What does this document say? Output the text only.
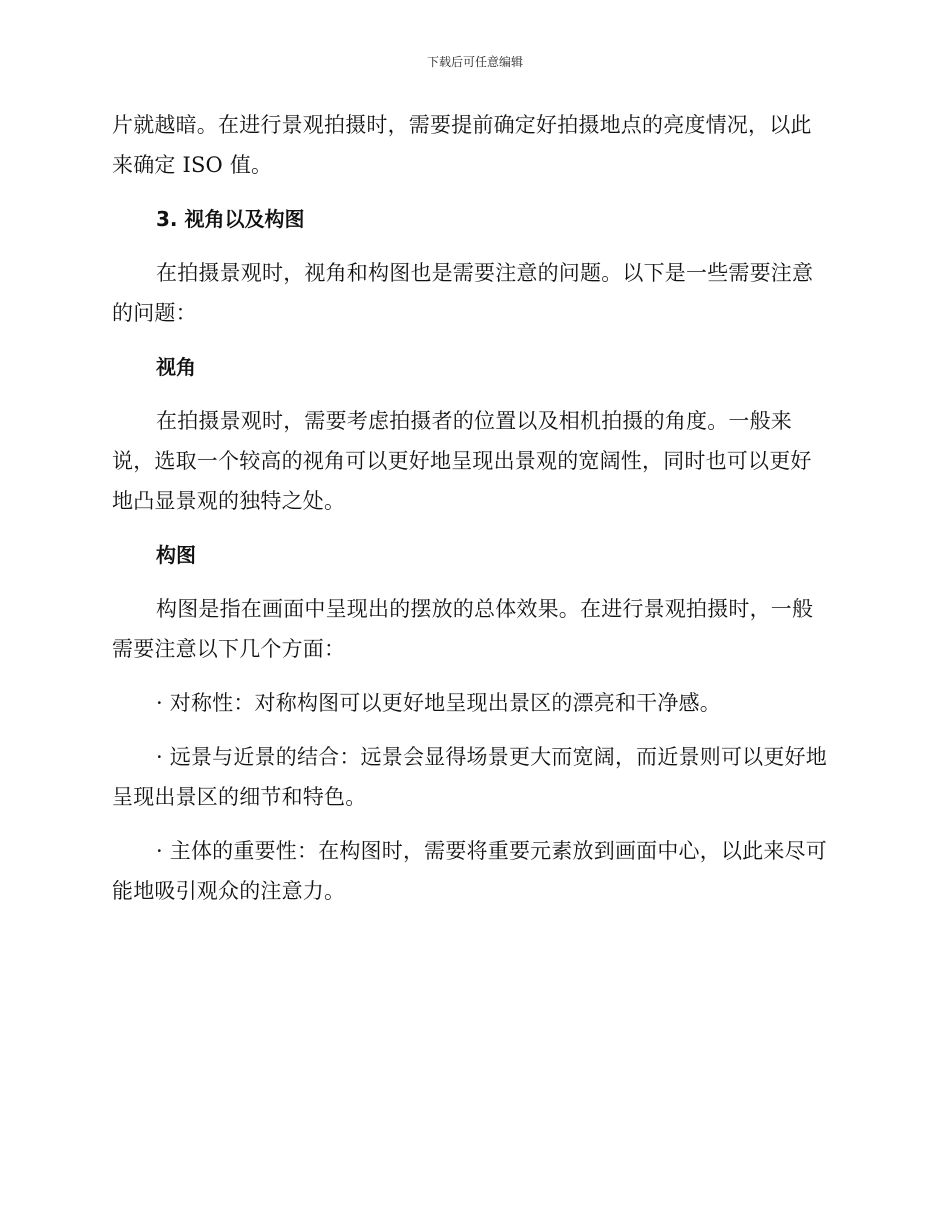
下载后可任意编辑

片就越暗。在进行景观拍摄时，需要提前确定好拍摄地点的亮度情况，以此来确定 ISO 值。

3. 视角以及构图

在拍摄景观时，视角和构图也是需要注意的问题。以下是一些需要注意的问题：

视角

在拍摄景观时，需要考虑拍摄者的位置以及相机拍摄的角度。一般来说，选取一个较高的视角可以更好地呈现出景观的宽阔性，同时也可以更好地凸显景观的独特之处。

构图

构图是指在画面中呈现出的摆放的总体效果。在进行景观拍摄时，一般需要注意以下几个方面：

· 对称性：对称构图可以更好地呈现出景区的漂亮和干净感。

· 远景与近景的结合：远景会显得场景更大而宽阔，而近景则可以更好地呈现出景区的细节和特色。

· 主体的重要性：在构图时，需要将重要元素放到画面中心，以此来尽可能地吸引观众的注意力。
